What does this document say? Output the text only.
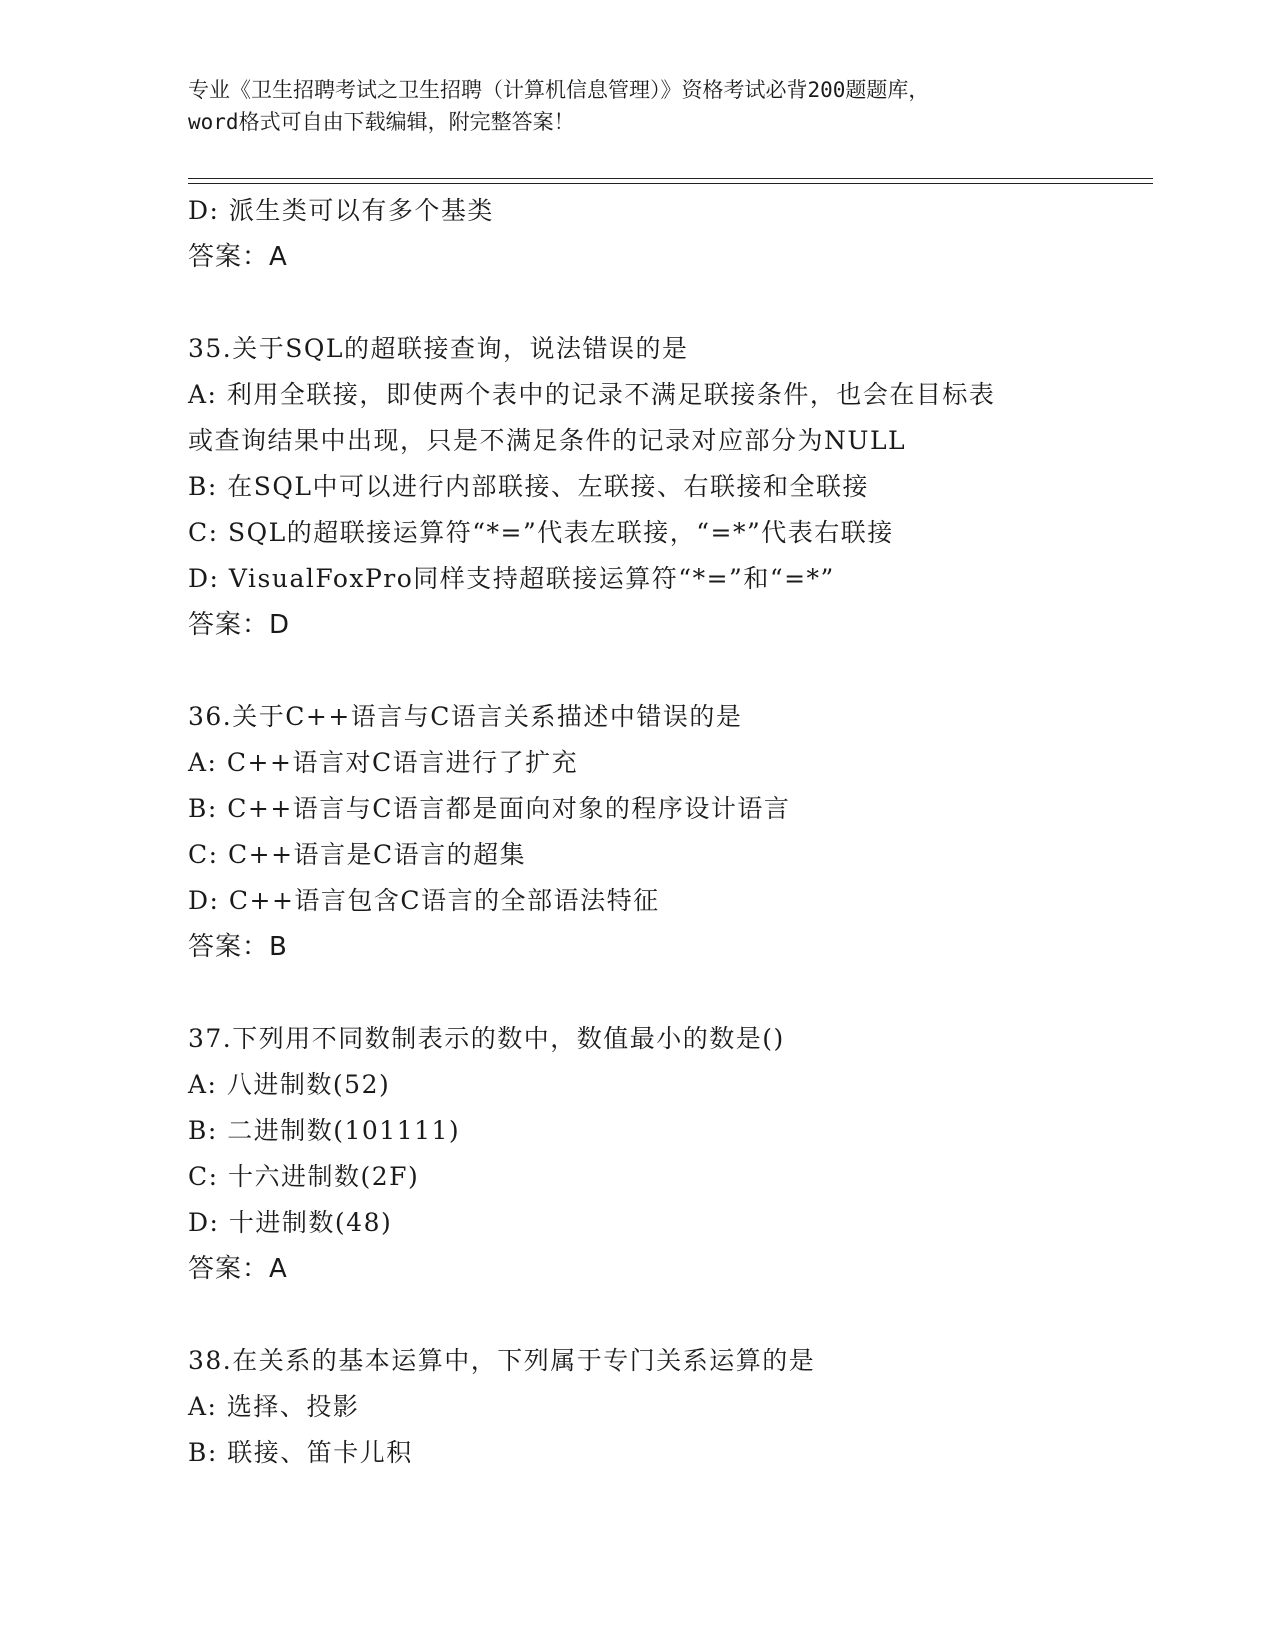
专业《卫生招聘考试之卫生招聘（计算机信息管理）》资格考试必背200题题库，
word格式可自由下载编辑，附完整答案！
D: 派生类可以有多个基类
答案：A
35.关于SQL的超联接查询，说法错误的是
A: 利用全联接，即使两个表中的记录不满足联接条件，也会在目标表
或查询结果中出现，只是不满足条件的记录对应部分为NULL
B: 在SQL中可以进行内部联接、左联接、右联接和全联接
C: SQL的超联接运算符“*=”代表左联接，“=*”代表右联接
D: VisualFoxPro同样支持超联接运算符“*=”和“=*”
答案：D
36.关于C++语言与C语言关系描述中错误的是
A: C++语言对C语言进行了扩充
B: C++语言与C语言都是面向对象的程序设计语言
C: C++语言是C语言的超集
D: C++语言包含C语言的全部语法特征
答案：B
37.下列用不同数制表示的数中，数值最小的数是()
A: 八进制数(52)
B: 二进制数(101111)
C: 十六进制数(2F)
D: 十进制数(48)
答案：A
38.在关系的基本运算中，下列属于专门关系运算的是
A: 选择、投影
B: 联接、笛卡儿积
